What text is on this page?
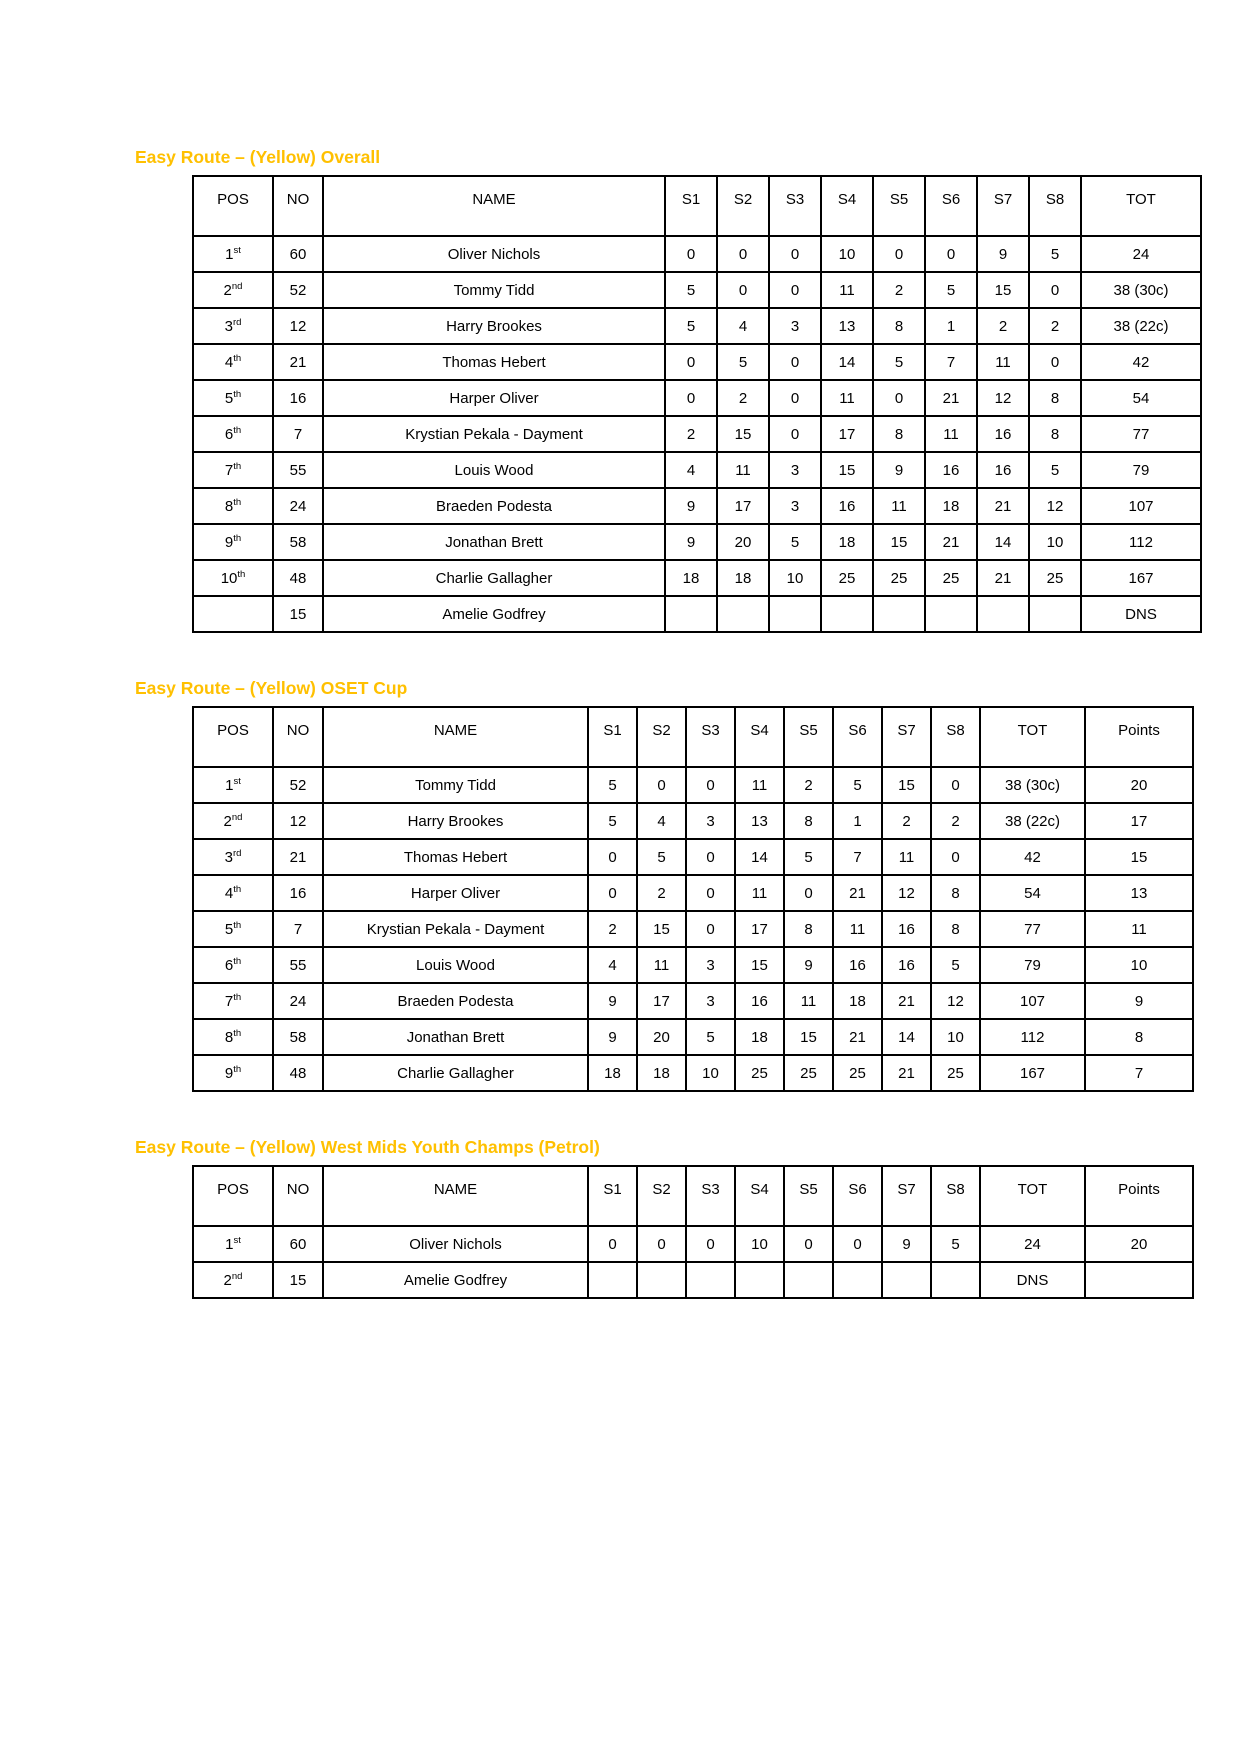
Easy Route – (Yellow) Overall
POS	NO	NAME	S1	S2	S3	S4	S5	S6	S7	S8	TOT
1st	60	Oliver Nichols	0	0	0	10	0	0	9	5	24
2nd	52	Tommy Tidd	5	0	0	11	2	5	15	0	38 (30c)
3rd	12	Harry Brookes	5	4	3	13	8	1	2	2	38 (22c)
4th	21	Thomas Hebert	0	5	0	14	5	7	11	0	42
5th	16	Harper Oliver	0	2	0	11	0	21	12	8	54
6th	7	Krystian Pekala - Dayment	2	15	0	17	8	11	16	8	77
7th	55	Louis Wood	4	11	3	15	9	16	16	5	79
8th	24	Braeden Podesta	9	17	3	16	11	18	21	12	107
9th	58	Jonathan Brett	9	20	5	18	15	21	14	10	112
10th	48	Charlie Gallagher	18	18	10	25	25	25	21	25	167
	15	Amelie Godfrey									DNS
Easy Route – (Yellow) OSET Cup
POS	NO	NAME	S1	S2	S3	S4	S5	S6	S7	S8	TOT	Points
1st	52	Tommy Tidd	5	0	0	11	2	5	15	0	38 (30c)	20
2nd	12	Harry Brookes	5	4	3	13	8	1	2	2	38 (22c)	17
3rd	21	Thomas Hebert	0	5	0	14	5	7	11	0	42	15
4th	16	Harper Oliver	0	2	0	11	0	21	12	8	54	13
5th	7	Krystian Pekala - Dayment	2	15	0	17	8	11	16	8	77	11
6th	55	Louis Wood	4	11	3	15	9	16	16	5	79	10
7th	24	Braeden Podesta	9	17	3	16	11	18	21	12	107	9
8th	58	Jonathan Brett	9	20	5	18	15	21	14	10	112	8
9th	48	Charlie Gallagher	18	18	10	25	25	25	21	25	167	7
Easy Route – (Yellow) West Mids Youth Champs (Petrol)
POS	NO	NAME	S1	S2	S3	S4	S5	S6	S7	S8	TOT	Points
1st	60	Oliver Nichols	0	0	0	10	0	0	9	5	24	20
2nd	15	Amelie Godfrey									DNS	
